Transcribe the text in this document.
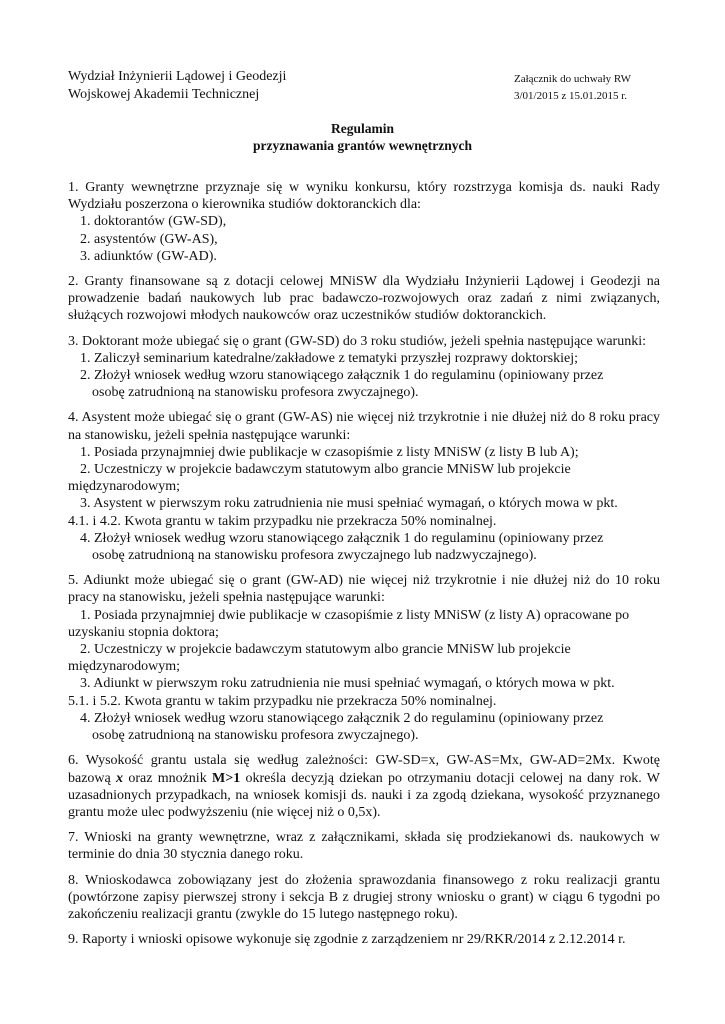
Wydział Inżynierii Lądowej i Geodezji
Wojskowej Akademii Technicznej
Załącznik do uchwały RW
3/01/2015 z 15.01.2015 r.
Regulamin
przyznawania grantów wewnętrznych
1. Granty wewnętrzne przyznaje się w wyniku konkursu, który rozstrzyga komisja ds. nauki Rady Wydziału poszerzona o kierownika studiów doktoranckich dla:
1. doktorantów (GW-SD),
2. asystentów (GW-AS),
3. adiunktów (GW-AD).
2. Granty finansowane są z dotacji celowej MNiSW dla Wydziału Inżynierii Lądowej i Geodezji na prowadzenie badań naukowych lub prac badawczo-rozwojowych oraz zadań z nimi związanych, służących rozwojowi młodych naukowców oraz uczestników studiów doktoranckich.
3. Doktorant może ubiegać się o grant (GW-SD) do 3 roku studiów, jeżeli spełnia następujące warunki:
1. Zaliczył seminarium katedralne/zakładowe z tematyki przyszłej rozprawy doktorskiej;
2. Złożył wniosek według wzoru stanowiącego załącznik 1 do regulaminu (opiniowany przez
osobę zatrudnioną na stanowisku profesora zwyczajnego).
4. Asystent może ubiegać się o grant (GW-AS) nie więcej niż trzykrotnie i nie dłużej niż do 8 roku pracy na stanowisku, jeżeli spełnia następujące warunki:
1. Posiada przynajmniej dwie publikacje w czasopiśmie z listy MNiSW (z listy B lub A);
2. Uczestniczy w projekcie badawczym statutowym albo grancie MNiSW lub projekcie
międzynarodowym;
3. Asystent w pierwszym roku zatrudnienia nie musi spełniać wymagań, o których mowa w pkt.
4.1. i 4.2. Kwota grantu w takim przypadku nie przekracza 50% nominalnej.
4. Złożył wniosek według wzoru stanowiącego załącznik 1 do regulaminu (opiniowany przez
osobę zatrudnioną na stanowisku profesora zwyczajnego lub nadzwyczajnego).
5. Adiunkt może ubiegać się o grant (GW-AD) nie więcej niż trzykrotnie i nie dłużej niż do 10 roku pracy na stanowisku, jeżeli spełnia następujące warunki:
1. Posiada przynajmniej dwie publikacje w czasopiśmie z listy MNiSW (z listy A) opracowane po
uzyskaniu stopnia doktora;
2. Uczestniczy w projekcie badawczym statutowym albo grancie MNiSW lub projekcie
międzynarodowym;
3. Adiunkt w pierwszym roku zatrudnienia nie musi spełniać wymagań, o których mowa w pkt.
5.1. i 5.2. Kwota grantu w takim przypadku nie przekracza 50% nominalnej.
4. Złożył wniosek według wzoru stanowiącego załącznik 2 do regulaminu (opiniowany przez
osobę zatrudnioną na stanowisku profesora zwyczajnego).
6. Wysokość grantu ustala się według zależności: GW-SD=x, GW-AS=Mx, GW-AD=2Mx. Kwotę bazową x oraz mnożnik M>1 określa decyzją dziekan po otrzymaniu dotacji celowej na dany rok. W uzasadnionych przypadkach, na wniosek komisji ds. nauki i za zgodą dziekana, wysokość przyznanego grantu może ulec podwyższeniu (nie więcej niż o 0,5x).
7. Wnioski na granty wewnętrzne, wraz z załącznikami, składa się prodziekanowi ds. naukowych w terminie do dnia 30 stycznia danego roku.
8. Wnioskodawca zobowiązany jest do złożenia sprawozdania finansowego z roku realizacji grantu (powtórzone zapisy pierwszej strony i sekcja B z drugiej strony wniosku o grant) w ciągu 6 tygodni po zakończeniu realizacji grantu (zwykle do 15 lutego następnego roku).
9. Raporty i wnioski opisowe wykonuje się zgodnie z zarządzeniem nr 29/RKR/2014 z 2.12.2014 r.
